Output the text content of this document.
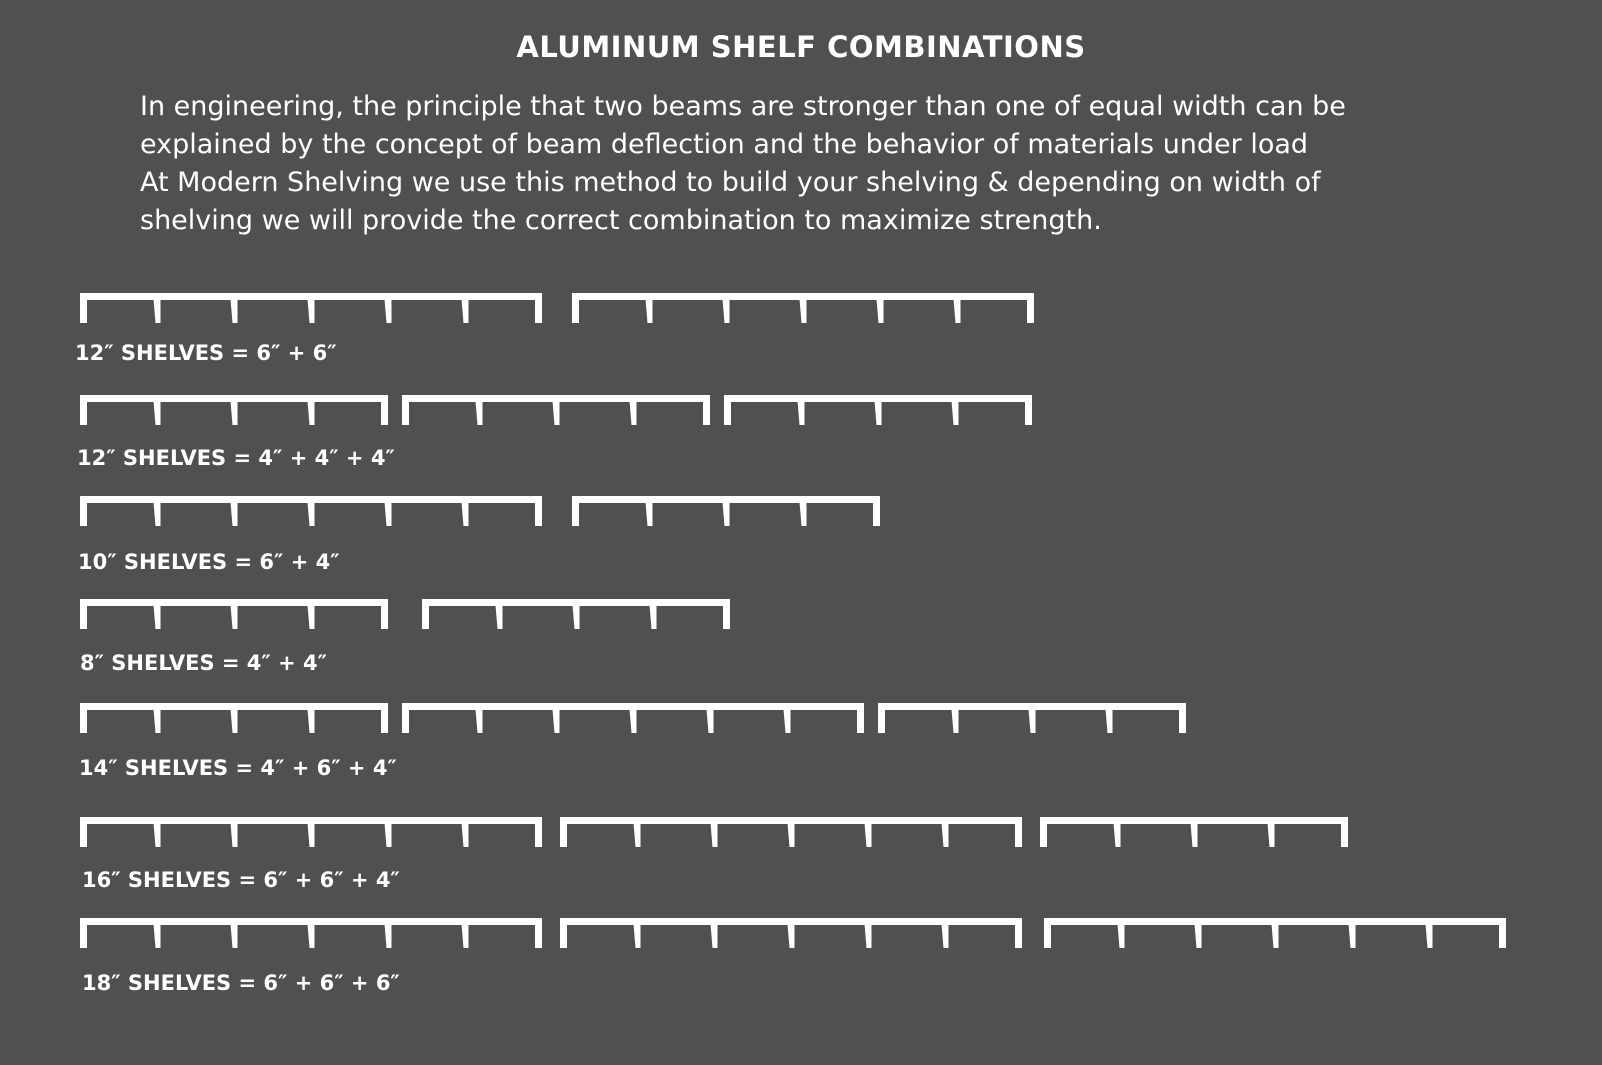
ALUMINUM SHELF COMBINATIONS
In engineering, the principle that two beams are stronger than one of equal width can be
explained by the concept of beam deflection and the behavior of materials under load
At Modern Shelving we use this method to build your shelving & depending on width of
shelving we will provide the correct combination to maximize strength.
12″ SHELVES = 6″ + 6″
12″ SHELVES = 4″ + 4″ + 4″
10″ SHELVES = 6″ + 4″
8″ SHELVES = 4″ + 4″
14″ SHELVES = 4″ + 6″ + 4″
16″ SHELVES = 6″ + 6″ + 4″
18″ SHELVES = 6″ + 6″ + 6″
